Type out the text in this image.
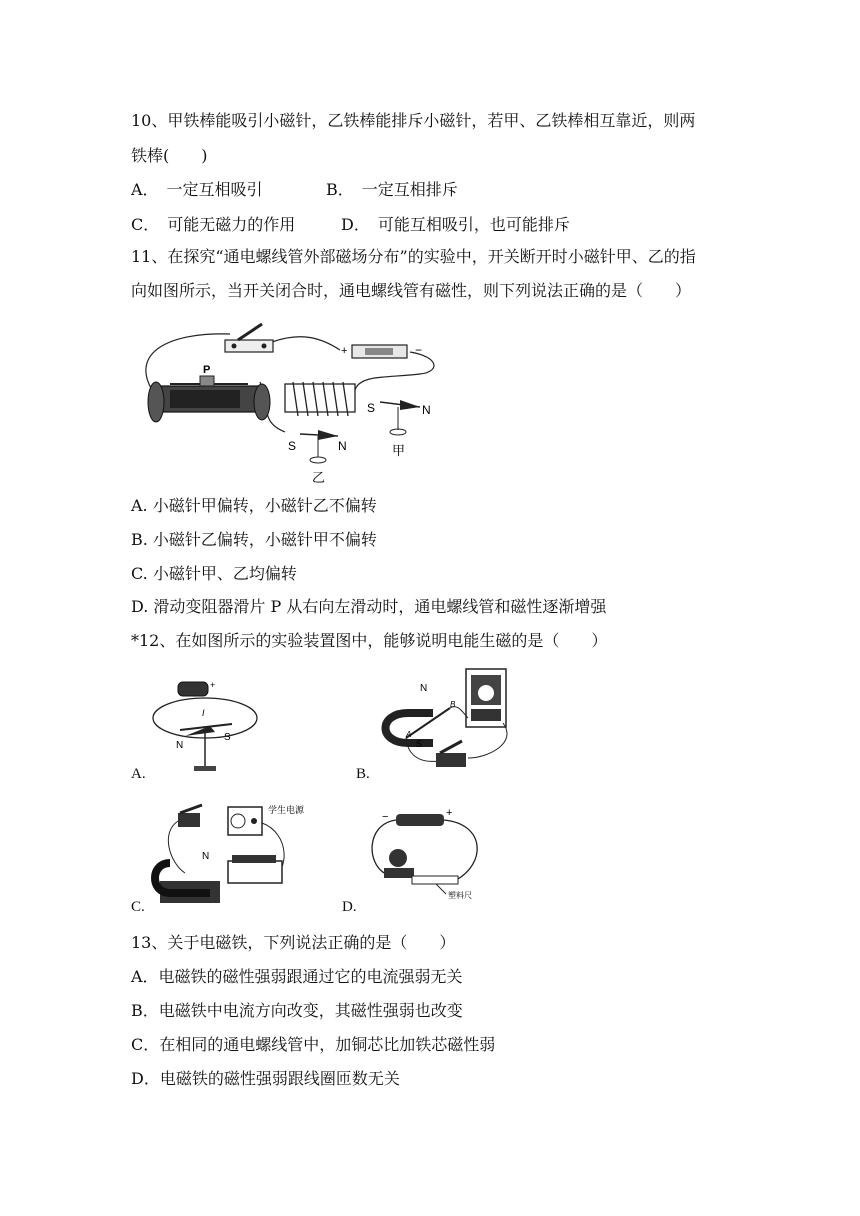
10、甲铁棒能吸引小磁针，乙铁棒能排斥小磁针，若甲、乙铁棒相互靠近，则两
铁棒(　　)
A．　一定互相吸引	B．　一定互相排斥
C．　可能无磁力的作用	D．　可能互相吸引，也可能排斥
11、在探究“通电螺线管外部磁场分布”的实验中，开关断开时小磁针甲、乙的指
向如图所示，当开关闭合时，通电螺线管有磁性，则下列说法正确的是（　　）
+	−
P
S	N
甲
S	N
乙
A. 小磁针甲偏转，小磁针乙不偏转
B. 小磁针乙偏转，小磁针甲不偏转
C. 小磁针甲、乙均偏转
D. 滑动变阻器滑片 P 从右向左滑动时，通电螺线管和磁性逐渐增强
*12、在如图所示的实验装置图中，能够说明电能生磁的是（　　）
+
I
N
S
A.
N
S
A
B
B.
学生电源
N
C.
−	+
塑料尺
D.
13、关于电磁铁，下列说法正确的是（　　）
A．电磁铁的磁性强弱跟通过它的电流强弱无关
B．电磁铁中电流方向改变，其磁性强弱也改变
C．在相同的通电螺线管中，加铜芯比加铁芯磁性弱
D．电磁铁的磁性强弱跟线圈匝数无关
